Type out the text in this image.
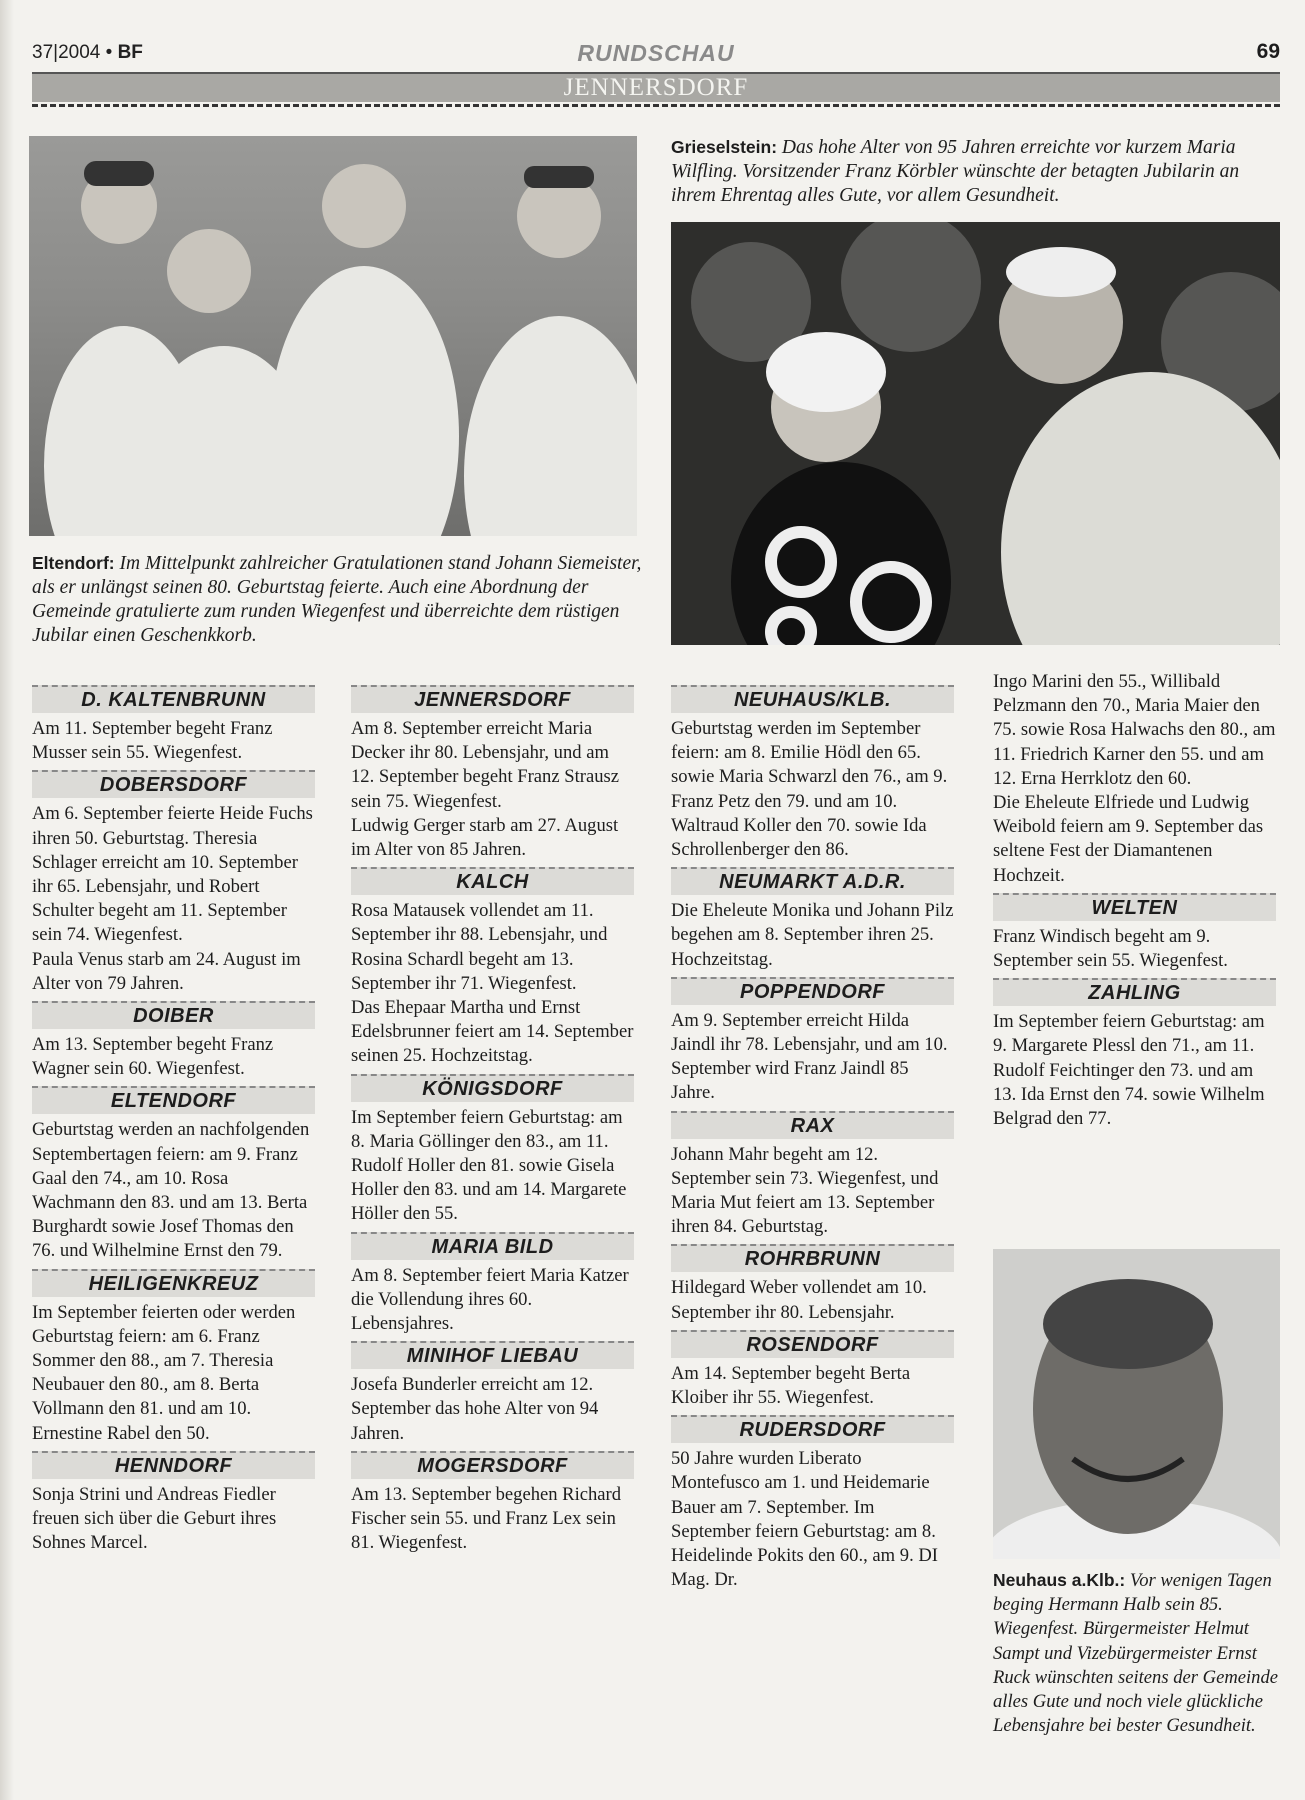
37|2004 • BF	RUNDSCHAU	69
JENNERSDORF
Eltendorf: Im Mittelpunkt zahlreicher Gratulationen stand Johann Siemeister, als er unlängst seinen 80. Geburtstag feierte. Auch eine Abordnung der Gemeinde gratulierte zum runden Wiegenfest und überreichte dem rüstigen Jubilar einen Geschenkkorb.
Grieselstein: Das hohe Alter von 95 Jahren erreichte vor kurzem Maria Wilfling. Vorsitzender Franz Körbler wünschte der betagten Jubilarin an ihrem Ehrentag alles Gute, vor allem Gesundheit.
D. KALTENBRUNN

Am 11. September begeht Franz Musser sein 55. Wiegenfest.

DOBERSDORF

Am 6. September feierte Heide Fuchs ihren 50. Geburtstag. Theresia Schlager erreicht am 10. September ihr 65. Lebensjahr, und Robert Schulter begeht am 11. September sein 74. Wiegenfest.

Paula Venus starb am 24. August im Alter von 79 Jahren.

DOIBER

Am 13. September begeht Franz Wagner sein 60. Wiegenfest.

ELTENDORF

Geburtstag werden an nachfolgenden Septembertagen feiern: am 9. Franz Gaal den 74., am 10. Rosa Wachmann den 83. und am 13. Berta Burghardt sowie Josef Thomas den 76. und Wilhelmine Ernst den 79.

HEILIGENKREUZ

Im September feierten oder werden Geburtstag feiern: am 6. Franz Sommer den 88., am 7. Theresia Neubauer den 80., am 8. Berta Vollmann den 81. und am 10. Ernestine Rabel den 50.

HENNDORF

Sonja Strini und Andreas Fiedler freuen sich über die Geburt ihres Sohnes Marcel.

JENNERSDORF

Am 8. September erreicht Maria Decker ihr 80. Lebensjahr, und am 12. September begeht Franz Strausz sein 75. Wiegenfest.

Ludwig Gerger starb am 27. August im Alter von 85 Jahren.

KALCH

Rosa Matausek vollendet am 11. September ihr 88. Lebensjahr, und Rosina Schardl begeht am 13. September ihr 71. Wiegenfest.

Das Ehepaar Martha und Ernst Edelsbrunner feiert am 14. September seinen 25. Hochzeitstag.

KÖNIGSDORF

Im September feiern Geburtstag: am 8. Maria Göllinger den 83., am 11. Rudolf Holler den 81. sowie Gisela Holler den 83. und am 14. Margarete Höller den 55.

MARIA BILD

Am 8. September feiert Maria Katzer die Vollendung ihres 60. Lebensjahres.

MINIHOF LIEBAU

Josefa Bunderler erreicht am 12. September das hohe Alter von 94 Jahren.

MOGERSDORF

Am 13. September begehen Richard Fischer sein 55. und Franz Lex sein 81. Wiegenfest.

NEUHAUS/KLB.

Geburtstag werden im September feiern: am 8. Emilie Hödl den 65. sowie Maria Schwarzl den 76., am 9. Franz Petz den 79. und am 10. Waltraud Koller den 70. sowie Ida Schrollenberger den 86.

NEUMARKT A.D.R.

Die Eheleute Monika und Johann Pilz begehen am 8. September ihren 25. Hochzeitstag.

POPPENDORF

Am 9. September erreicht Hilda Jaindl ihr 78. Lebensjahr, und am 10. September wird Franz Jaindl 85 Jahre.

RAX

Johann Mahr begeht am 12. September sein 73. Wiegenfest, und Maria Mut feiert am 13. September ihren 84. Geburtstag.

ROHRBRUNN

Hildegard Weber vollendet am 10. September ihr 80. Lebensjahr.

ROSENDORF

Am 14. September begeht Berta Kloiber ihr 55. Wiegenfest.

RUDERSDORF

50 Jahre wurden Liberato Montefusco am 1. und Heidemarie Bauer am 7. September. Im September feiern Geburtstag: am 8. Heidelinde Pokits den 60., am 9. DI Mag. Dr.

Ingo Marini den 55., Willibald Pelzmann den 70., Maria Maier den 75. sowie Rosa Halwachs den 80., am 11. Friedrich Karner den 55. und am 12. Erna Herrklotz den 60.

Die Eheleute Elfriede und Ludwig Weibold feiern am 9. September das seltene Fest der Diamantenen Hochzeit.

WELTEN

Franz Windisch begeht am 9. September sein 55. Wiegenfest.

ZAHLING

Im September feiern Geburtstag: am 9. Margarete Plessl den 71., am 11. Rudolf Feichtinger den 73. und am 13. Ida Ernst den 74. sowie Wilhelm Belgrad den 77.

Neuhaus a.Klb.: Vor wenigen Tagen beging Hermann Halb sein 85. Wiegenfest. Bürgermeister Helmut Sampt und Vizebürgermeister Ernst Ruck wünschten seitens der Gemeinde alles Gute und noch viele glückliche Lebensjahre bei bester Gesundheit.
